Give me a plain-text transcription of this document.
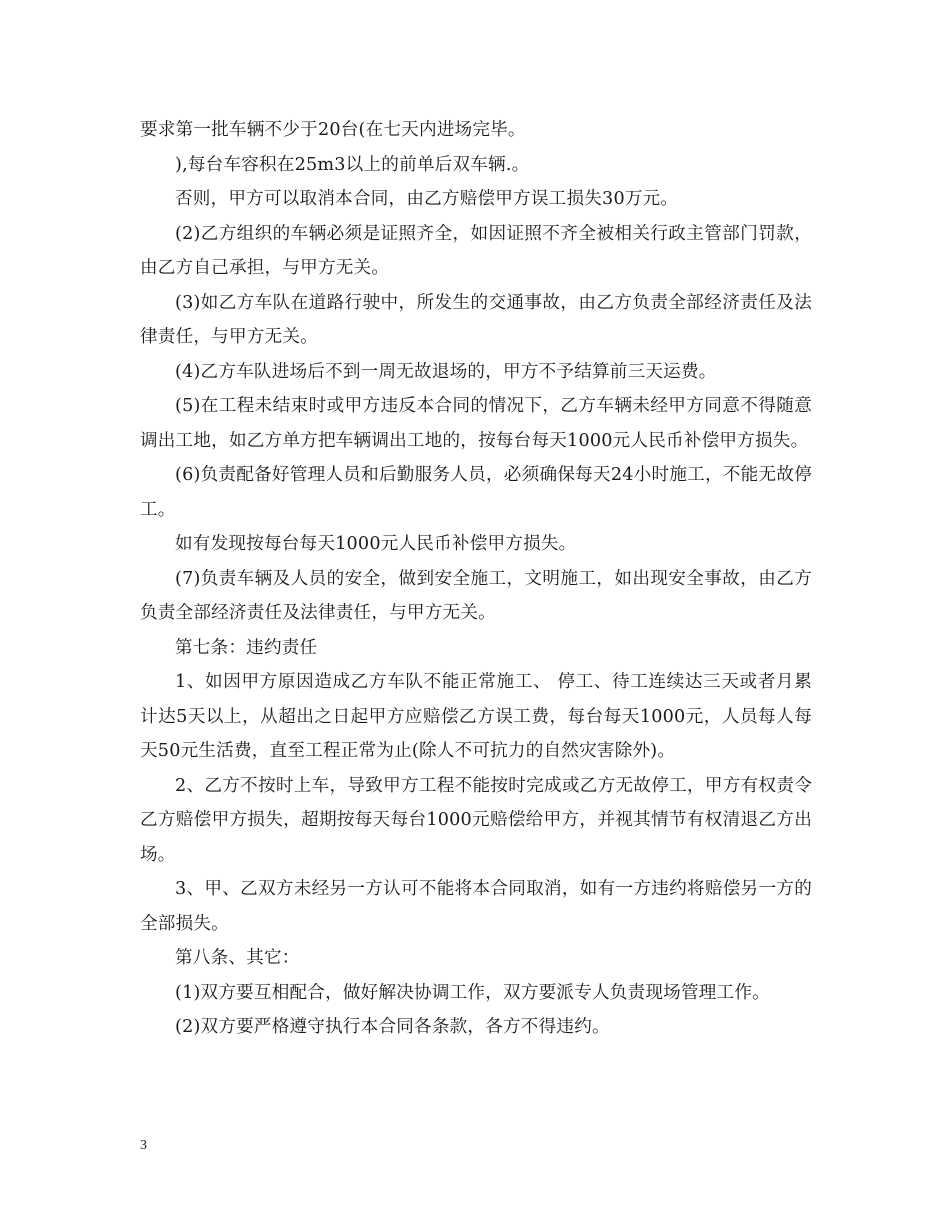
要求第一批车辆不少于20台(在七天内进场完毕。

),每台车容积在25m3以上的前单后双车辆.。

否则，甲方可以取消本合同，由乙方赔偿甲方误工损失30万元。

(2)乙方组织的车辆必须是证照齐全，如因证照不齐全被相关行政主管部门罚款，由乙方自己承担，与甲方无关。

(3)如乙方车队在道路行驶中，所发生的交通事故，由乙方负责全部经济责任及法律责任，与甲方无关。

(4)乙方车队进场后不到一周无故退场的，甲方不予结算前三天运费。

(5)在工程未结束时或甲方违反本合同的情况下，乙方车辆未经甲方同意不得随意调出工地，如乙方单方把车辆调出工地的，按每台每天1000元人民币补偿甲方损失。

(6)负责配备好管理人员和后勤服务人员，必须确保每天24小时施工，不能无故停工。

如有发现按每台每天1000元人民币补偿甲方损失。

(7)负责车辆及人员的安全，做到安全施工，文明施工，如出现安全事故，由乙方负责全部经济责任及法律责任，与甲方无关。

第七条：违约责任

1、如因甲方原因造成乙方车队不能正常施工、 停工、待工连续达三天或者月累计达5天以上，从超出之日起甲方应赔偿乙方误工费，每台每天1000元，人员每人每天50元生活费，直至工程正常为止(除人不可抗力的自然灾害除外)。

2、乙方不按时上车，导致甲方工程不能按时完成或乙方无故停工，甲方有权责令乙方赔偿甲方损失，超期按每天每台1000元赔偿给甲方，并视其情节有权清退乙方出场。

3、甲、乙双方未经另一方认可不能将本合同取消，如有一方违约将赔偿另一方的全部损失。

第八条、其它：

(1)双方要互相配合，做好解决协调工作，双方要派专人负责现场管理工作。

(2)双方要严格遵守执行本合同各条款，各方不得违约。

3
